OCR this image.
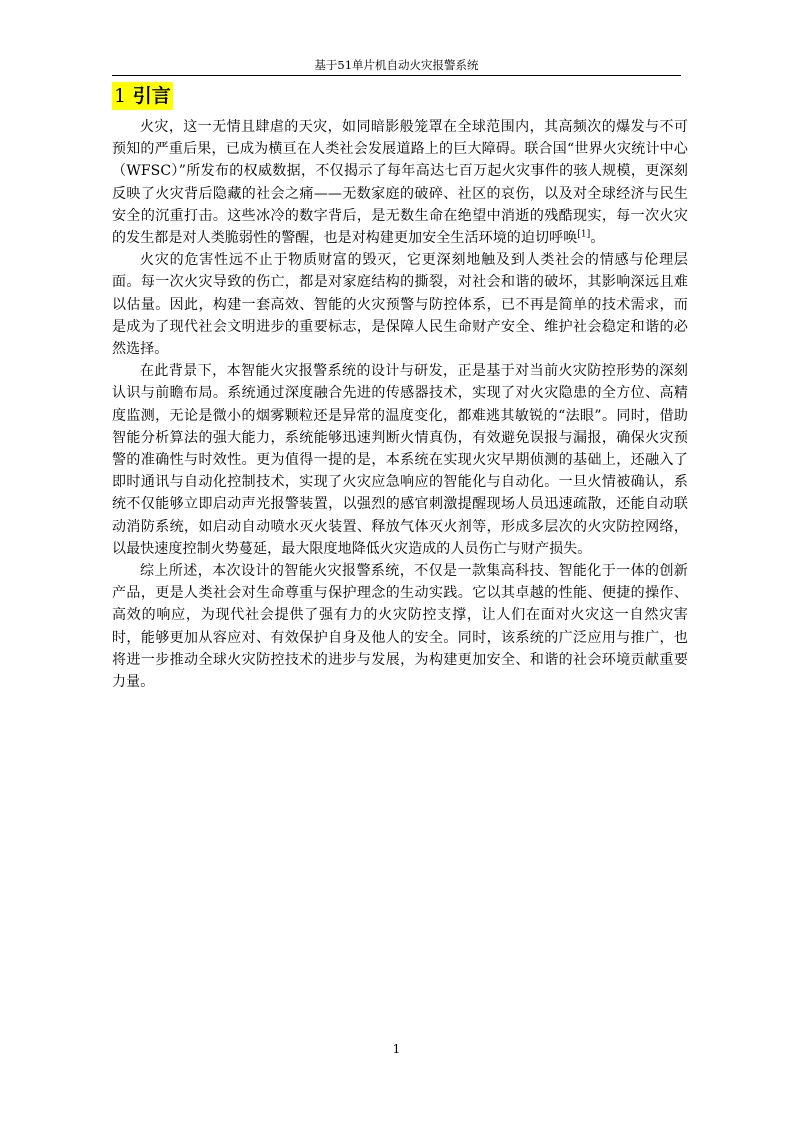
基于51单片机自动火灾报警系统
1 引言

火灾，这一无情且肆虐的天灾，如同暗影般笼罩在全球范围内，其高频次的爆发与不可预知的严重后果，已成为横亘在人类社会发展道路上的巨大障碍。联合国“世界火灾统计中心（WFSC）”所发布的权威数据，不仅揭示了每年高达七百万起火灾事件的骇人规模，更深刻反映了火灾背后隐藏的社会之痛——无数家庭的破碎、社区的哀伤，以及对全球经济与民生安全的沉重打击。这些冰冷的数字背后，是无数生命在绝望中消逝的残酷现实，每一次火灾的发生都是对人类脆弱性的警醒，也是对构建更加安全生活环境的迫切呼唤[1]。

火灾的危害性远不止于物质财富的毁灭，它更深刻地触及到人类社会的情感与伦理层面。每一次火灾导致的伤亡，都是对家庭结构的撕裂，对社会和谐的破坏，其影响深远且难以估量。因此，构建一套高效、智能的火灾预警与防控体系，已不再是简单的技术需求，而是成为了现代社会文明进步的重要标志，是保障人民生命财产安全、维护社会稳定和谐的必然选择。

在此背景下，本智能火灾报警系统的设计与研发，正是基于对当前火灾防控形势的深刻认识与前瞻布局。系统通过深度融合先进的传感器技术，实现了对火灾隐患的全方位、高精度监测，无论是微小的烟雾颗粒还是异常的温度变化，都难逃其敏锐的“法眼”。同时，借助智能分析算法的强大能力，系统能够迅速判断火情真伪，有效避免误报与漏报，确保火灾预警的准确性与时效性。更为值得一提的是，本系统在实现火灾早期侦测的基础上，还融入了即时通讯与自动化控制技术，实现了火灾应急响应的智能化与自动化。一旦火情被确认，系统不仅能够立即启动声光报警装置，以强烈的感官刺激提醒现场人员迅速疏散，还能自动联动消防系统，如启动自动喷水灭火装置、释放气体灭火剂等，形成多层次的火灾防控网络，以最快速度控制火势蔓延，最大限度地降低火灾造成的人员伤亡与财产损失。

综上所述，本次设计的智能火灾报警系统，不仅是一款集高科技、智能化于一体的创新产品，更是人类社会对生命尊重与保护理念的生动实践。它以其卓越的性能、便捷的操作、高效的响应，为现代社会提供了强有力的火灾防控支撑，让人们在面对火灾这一自然灾害时，能够更加从容应对、有效保护自身及他人的安全。同时，该系统的广泛应用与推广，也将进一步推动全球火灾防控技术的进步与发展，为构建更加安全、和谐的社会环境贡献重要力量。

1
